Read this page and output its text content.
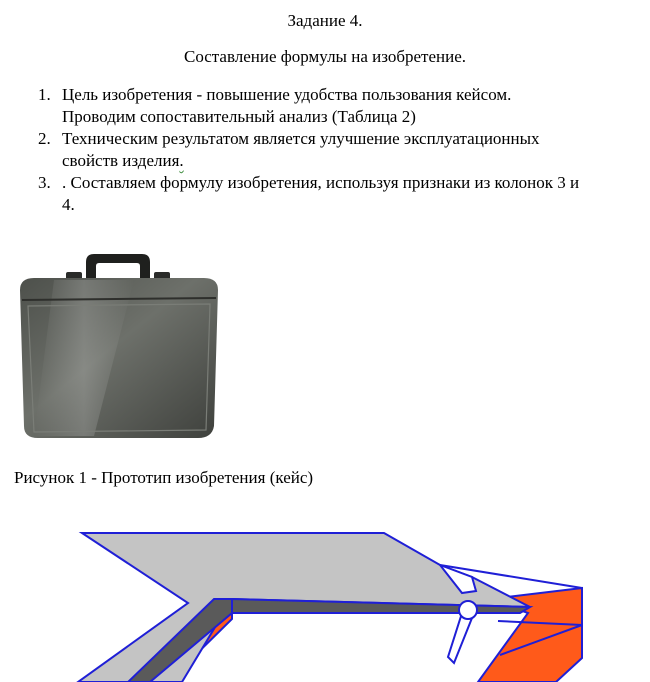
Задание 4.
Составление формулы на изобретение.
1. Цель изобретения - повышение удобства пользования кейсом.
Проводим сопоставительный анализ (Таблица 2)
2. Техническим результатом является улучшение эксплуатационных
свойств изделия.
3. . Составляем формулу изобретения, используя признаки из колонок 3 и
4.
Рисунок 1 - Прототип изобретения (кейс)
